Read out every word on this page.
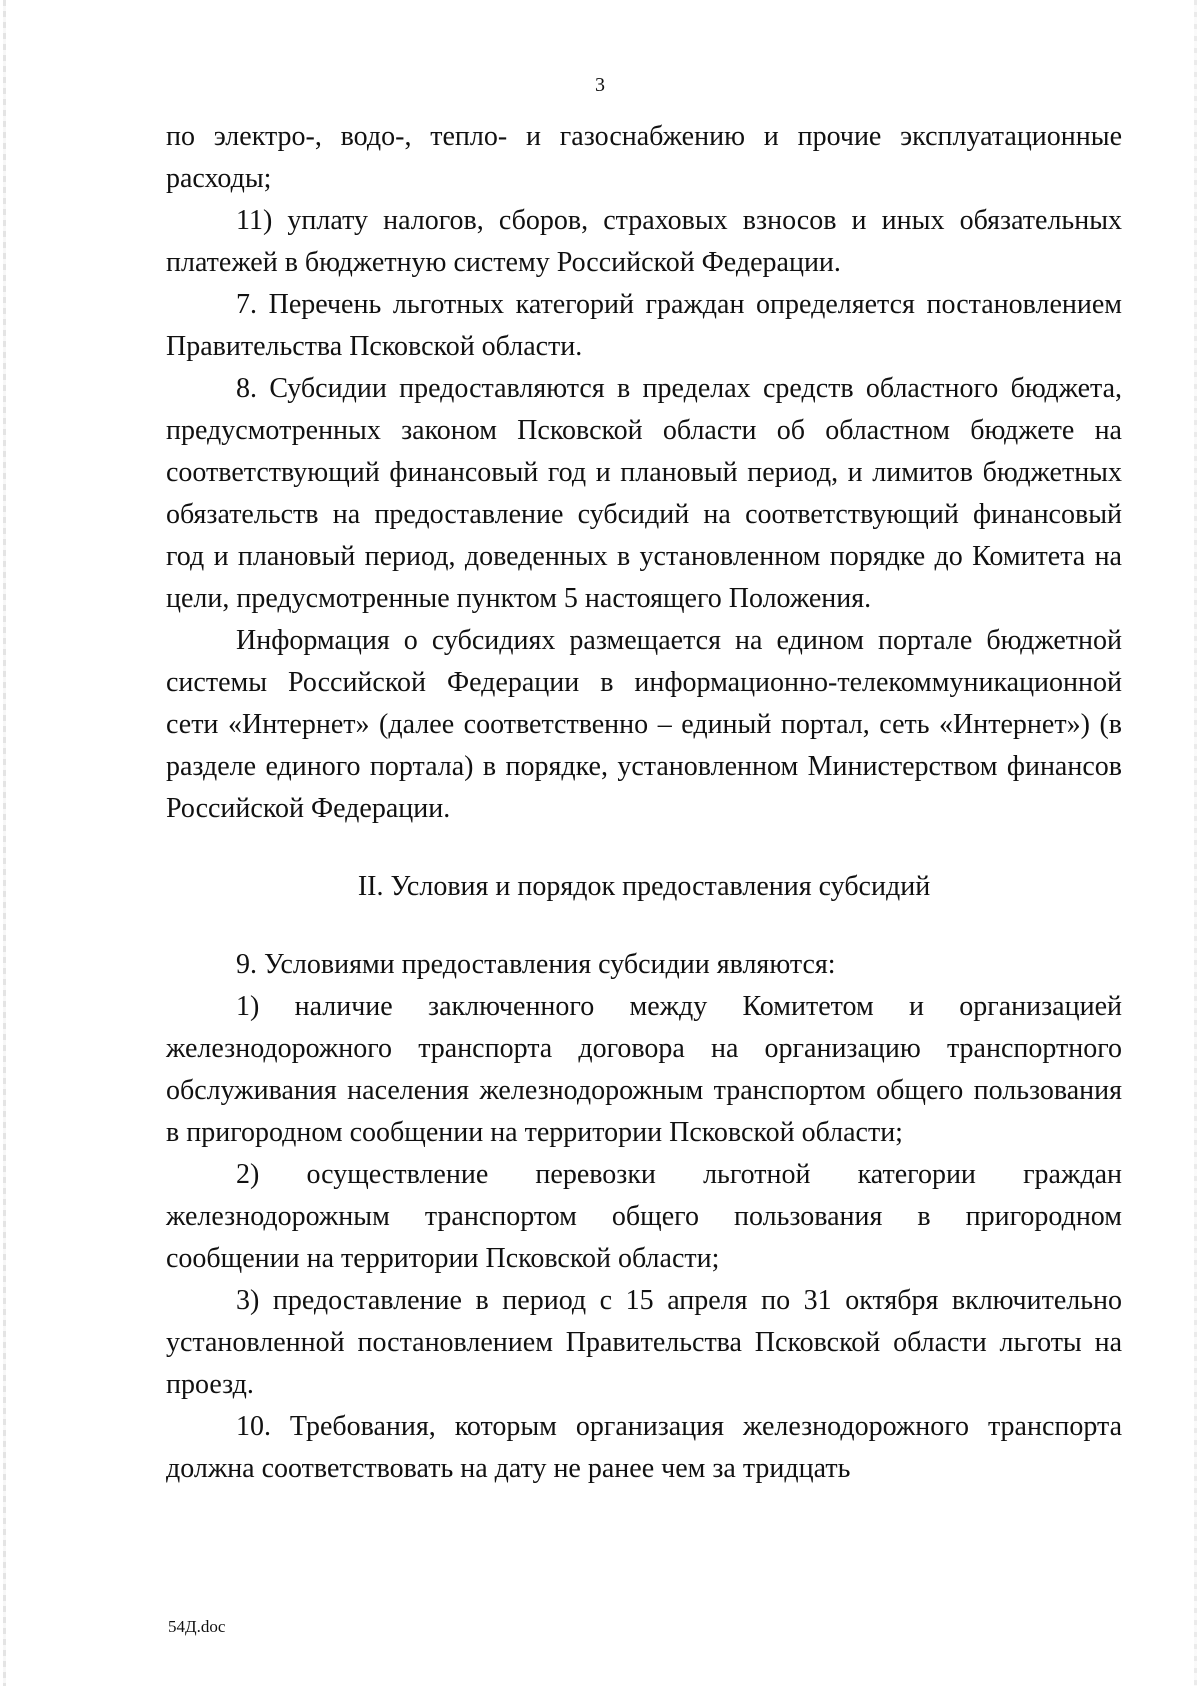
3

по электро-, водо-, тепло- и газоснабжению и прочие эксплуатационные расходы;

11) уплату налогов, сборов, страховых взносов и иных обязательных платежей в бюджетную систему Российской Федерации.

7. Перечень льготных категорий граждан определяется постановлением Правительства Псковской области.

8. Субсидии предоставляются в пределах средств областного бюджета, предусмотренных законом Псковской области об областном бюджете на соответствующий финансовый год и плановый период, и лимитов бюджетных обязательств на предоставление субсидий на соответствующий финансовый год и плановый период, доведенных в установленном порядке до Комитета на цели, предусмотренные пунктом 5 настоящего Положения.

Информация о субсидиях размещается на едином портале бюджетной системы Российской Федерации в информационно-телекоммуникационной сети «Интернет» (далее соответственно – единый портал, сеть «Интернет») (в разделе единого портала) в порядке, установленном Министерством финансов Российской Федерации.

II. Условия и порядок предоставления субсидий

9. Условиями предоставления субсидии являются:

1) наличие заключенного между Комитетом и организацией железнодорожного транспорта договора на организацию транспортного обслуживания населения железнодорожным транспортом общего пользования в пригородном сообщении на территории Псковской области;

2) осуществление перевозки льготной категории граждан железнодорожным транспортом общего пользования в пригородном сообщении на территории Псковской области;

3) предоставление в период с 15 апреля по 31 октября включительно установленной постановлением Правительства Псковской области льготы на проезд.

10. Требования, которым организация железнодорожного транспорта должна соответствовать на дату не ранее чем за тридцать

54Д.doc
